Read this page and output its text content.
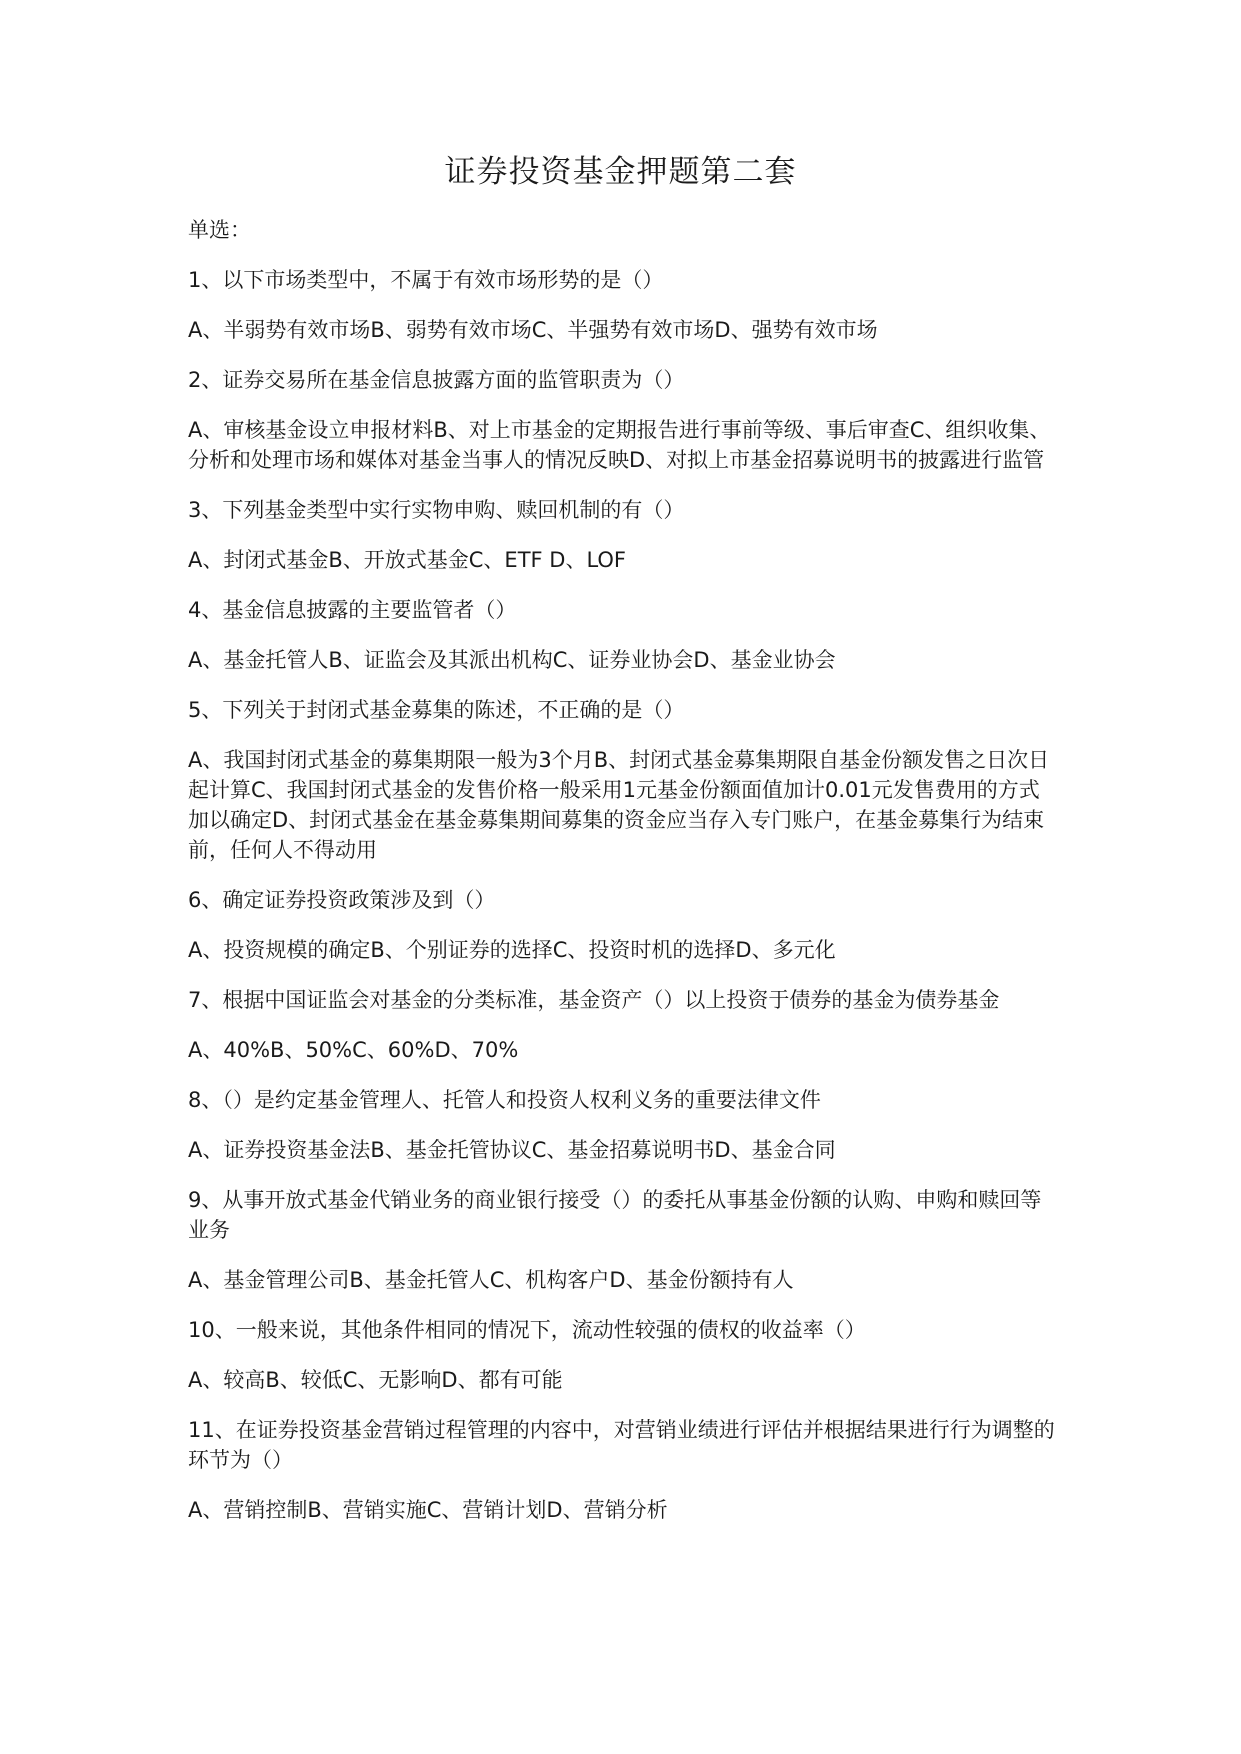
证券投资基金押题第二套

单选：

1、以下市场类型中，不属于有效市场形势的是（）

A、半弱势有效市场B、弱势有效市场C、半强势有效市场D、强势有效市场

2、证券交易所在基金信息披露方面的监管职责为（）

A、审核基金设立申报材料B、对上市基金的定期报告进行事前等级、事后审查C、组织收集、分析和处理市场和媒体对基金当事人的情况反映D、对拟上市基金招募说明书的披露进行监管

3、下列基金类型中实行实物申购、赎回机制的有（）

A、封闭式基金B、开放式基金C、ETF D、LOF

4、基金信息披露的主要监管者（）

A、基金托管人B、证监会及其派出机构C、证券业协会D、基金业协会

5、下列关于封闭式基金募集的陈述，不正确的是（）

A、我国封闭式基金的募集期限一般为3个月B、封闭式基金募集期限自基金份额发售之日次日起计算C、我国封闭式基金的发售价格一般采用1元基金份额面值加计0.01元发售费用的方式加以确定D、封闭式基金在基金募集期间募集的资金应当存入专门账户，在基金募集行为结束前，任何人不得动用

6、确定证券投资政策涉及到（）

A、投资规模的确定B、个别证券的选择C、投资时机的选择D、多元化

7、根据中国证监会对基金的分类标准，基金资产（）以上投资于债券的基金为债券基金

A、40%B、50%C、60%D、70%

8、（）是约定基金管理人、托管人和投资人权利义务的重要法律文件

A、证券投资基金法B、基金托管协议C、基金招募说明书D、基金合同

9、从事开放式基金代销业务的商业银行接受（）的委托从事基金份额的认购、申购和赎回等业务

A、基金管理公司B、基金托管人C、机构客户D、基金份额持有人

10、一般来说，其他条件相同的情况下，流动性较强的债权的收益率（）

A、较高B、较低C、无影响D、都有可能

11、在证券投资基金营销过程管理的内容中，对营销业绩进行评估并根据结果进行行为调整的环节为（）

A、营销控制B、营销实施C、营销计划D、营销分析
